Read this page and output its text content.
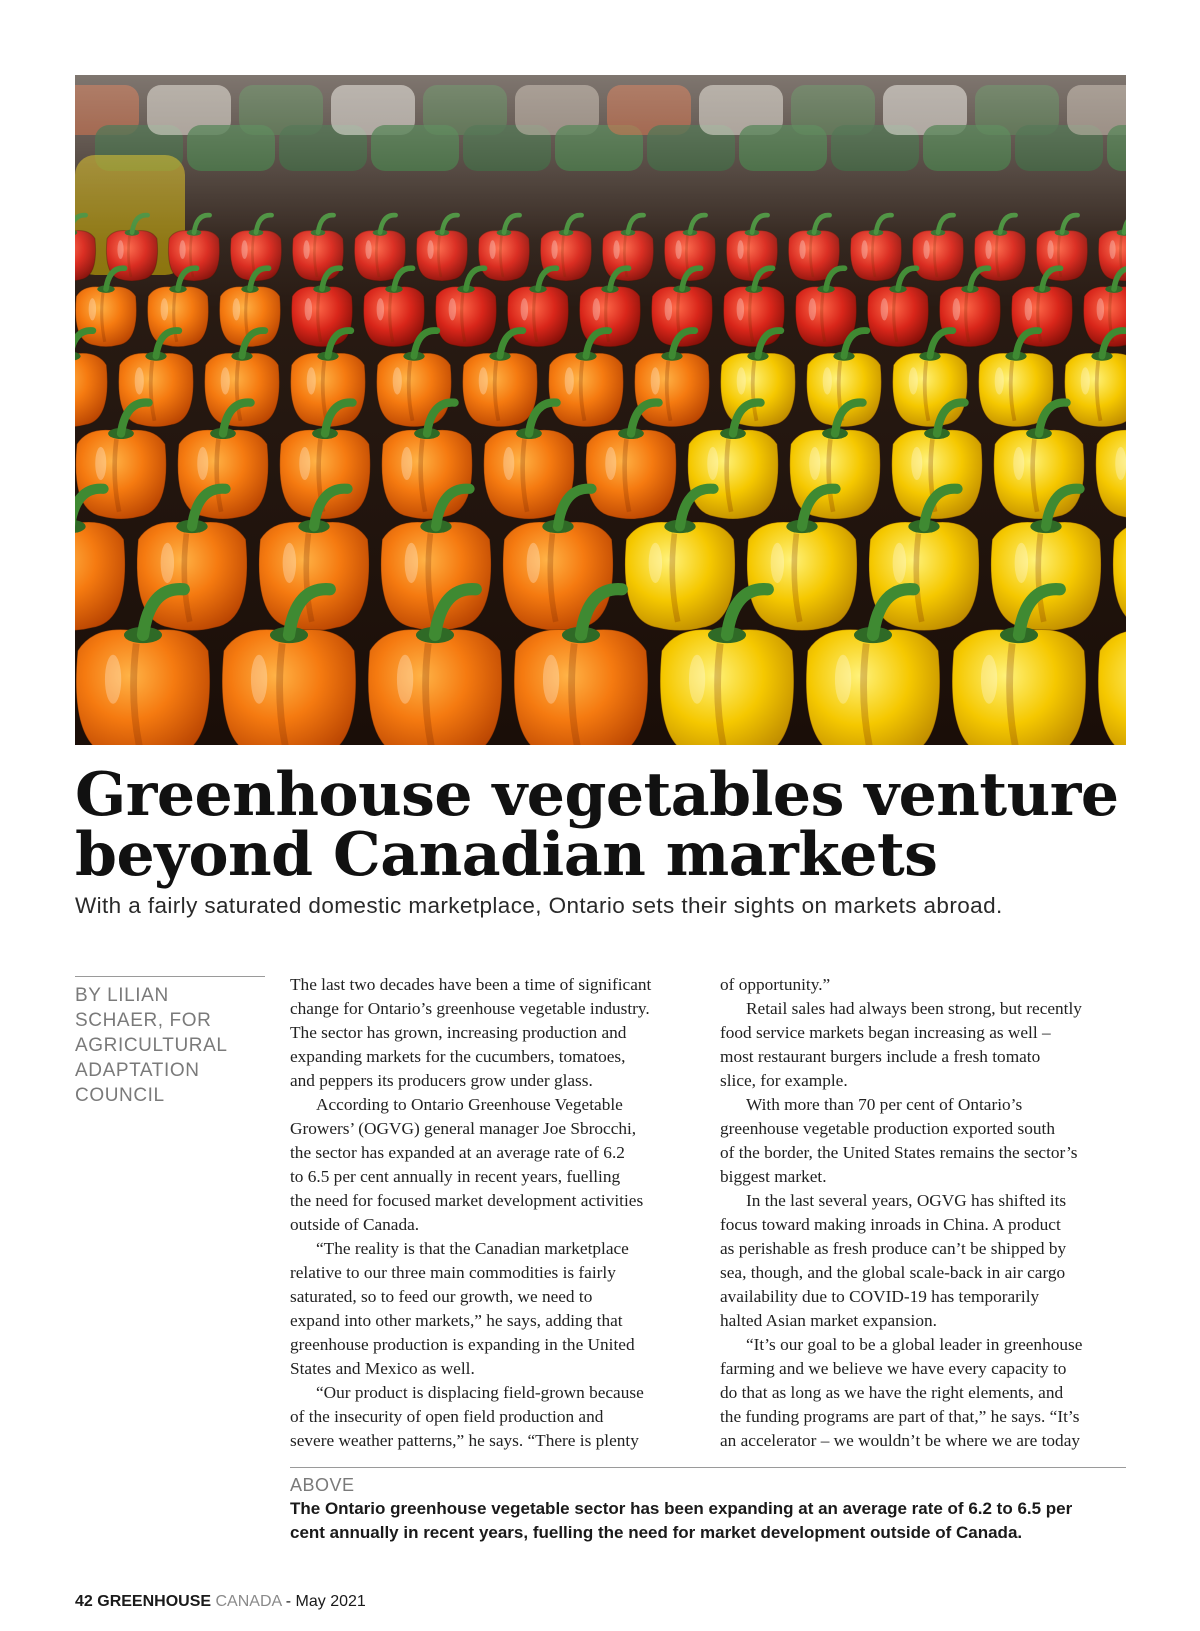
Greenhouse vegetables venture
beyond Canadian markets
With a fairly saturated domestic marketplace, Ontario sets their sights on markets abroad.
BY LILIAN
SCHAER, FOR
AGRICULTURAL
ADAPTATION
COUNCIL
The last two decades have been a time of significant
change for Ontario’s greenhouse vegetable industry.
The sector has grown, increasing production and
expanding markets for the cucumbers, tomatoes,
and peppers its producers grow under glass.
According to Ontario Greenhouse Vegetable
Growers’ (OGVG) general manager Joe Sbrocchi,
the sector has expanded at an average rate of 6.2
to 6.5 per cent annually in recent years, fuelling
the need for focused market development activities
outside of Canada.
“The reality is that the Canadian marketplace
relative to our three main commodities is fairly
saturated, so to feed our growth, we need to
expand into other markets,” he says, adding that
greenhouse production is expanding in the United
States and Mexico as well.
“Our product is displacing field-grown because
of the insecurity of open field production and
severe weather patterns,” he says. “There is plenty
of opportunity.”
Retail sales had always been strong, but recently
food service markets began increasing as well –
most restaurant burgers include a fresh tomato
slice, for example.
With more than 70 per cent of Ontario’s
greenhouse vegetable production exported south
of the border, the United States remains the sector’s
biggest market.
In the last several years, OGVG has shifted its
focus toward making inroads in China. A product
as perishable as fresh produce can’t be shipped by
sea, though, and the global scale-back in air cargo
availability due to COVID-19 has temporarily
halted Asian market expansion.
“It’s our goal to be a global leader in greenhouse
farming and we believe we have every capacity to
do that as long as we have the right elements, and
the funding programs are part of that,” he says. “It’s
an accelerator – we wouldn’t be where we are today
ABOVE
The Ontario greenhouse vegetable sector has been expanding at an average rate of 6.2 to 6.5 per
cent annually in recent years, fuelling the need for market development outside of Canada.
42 GREENHOUSE CANADA - May 2021
